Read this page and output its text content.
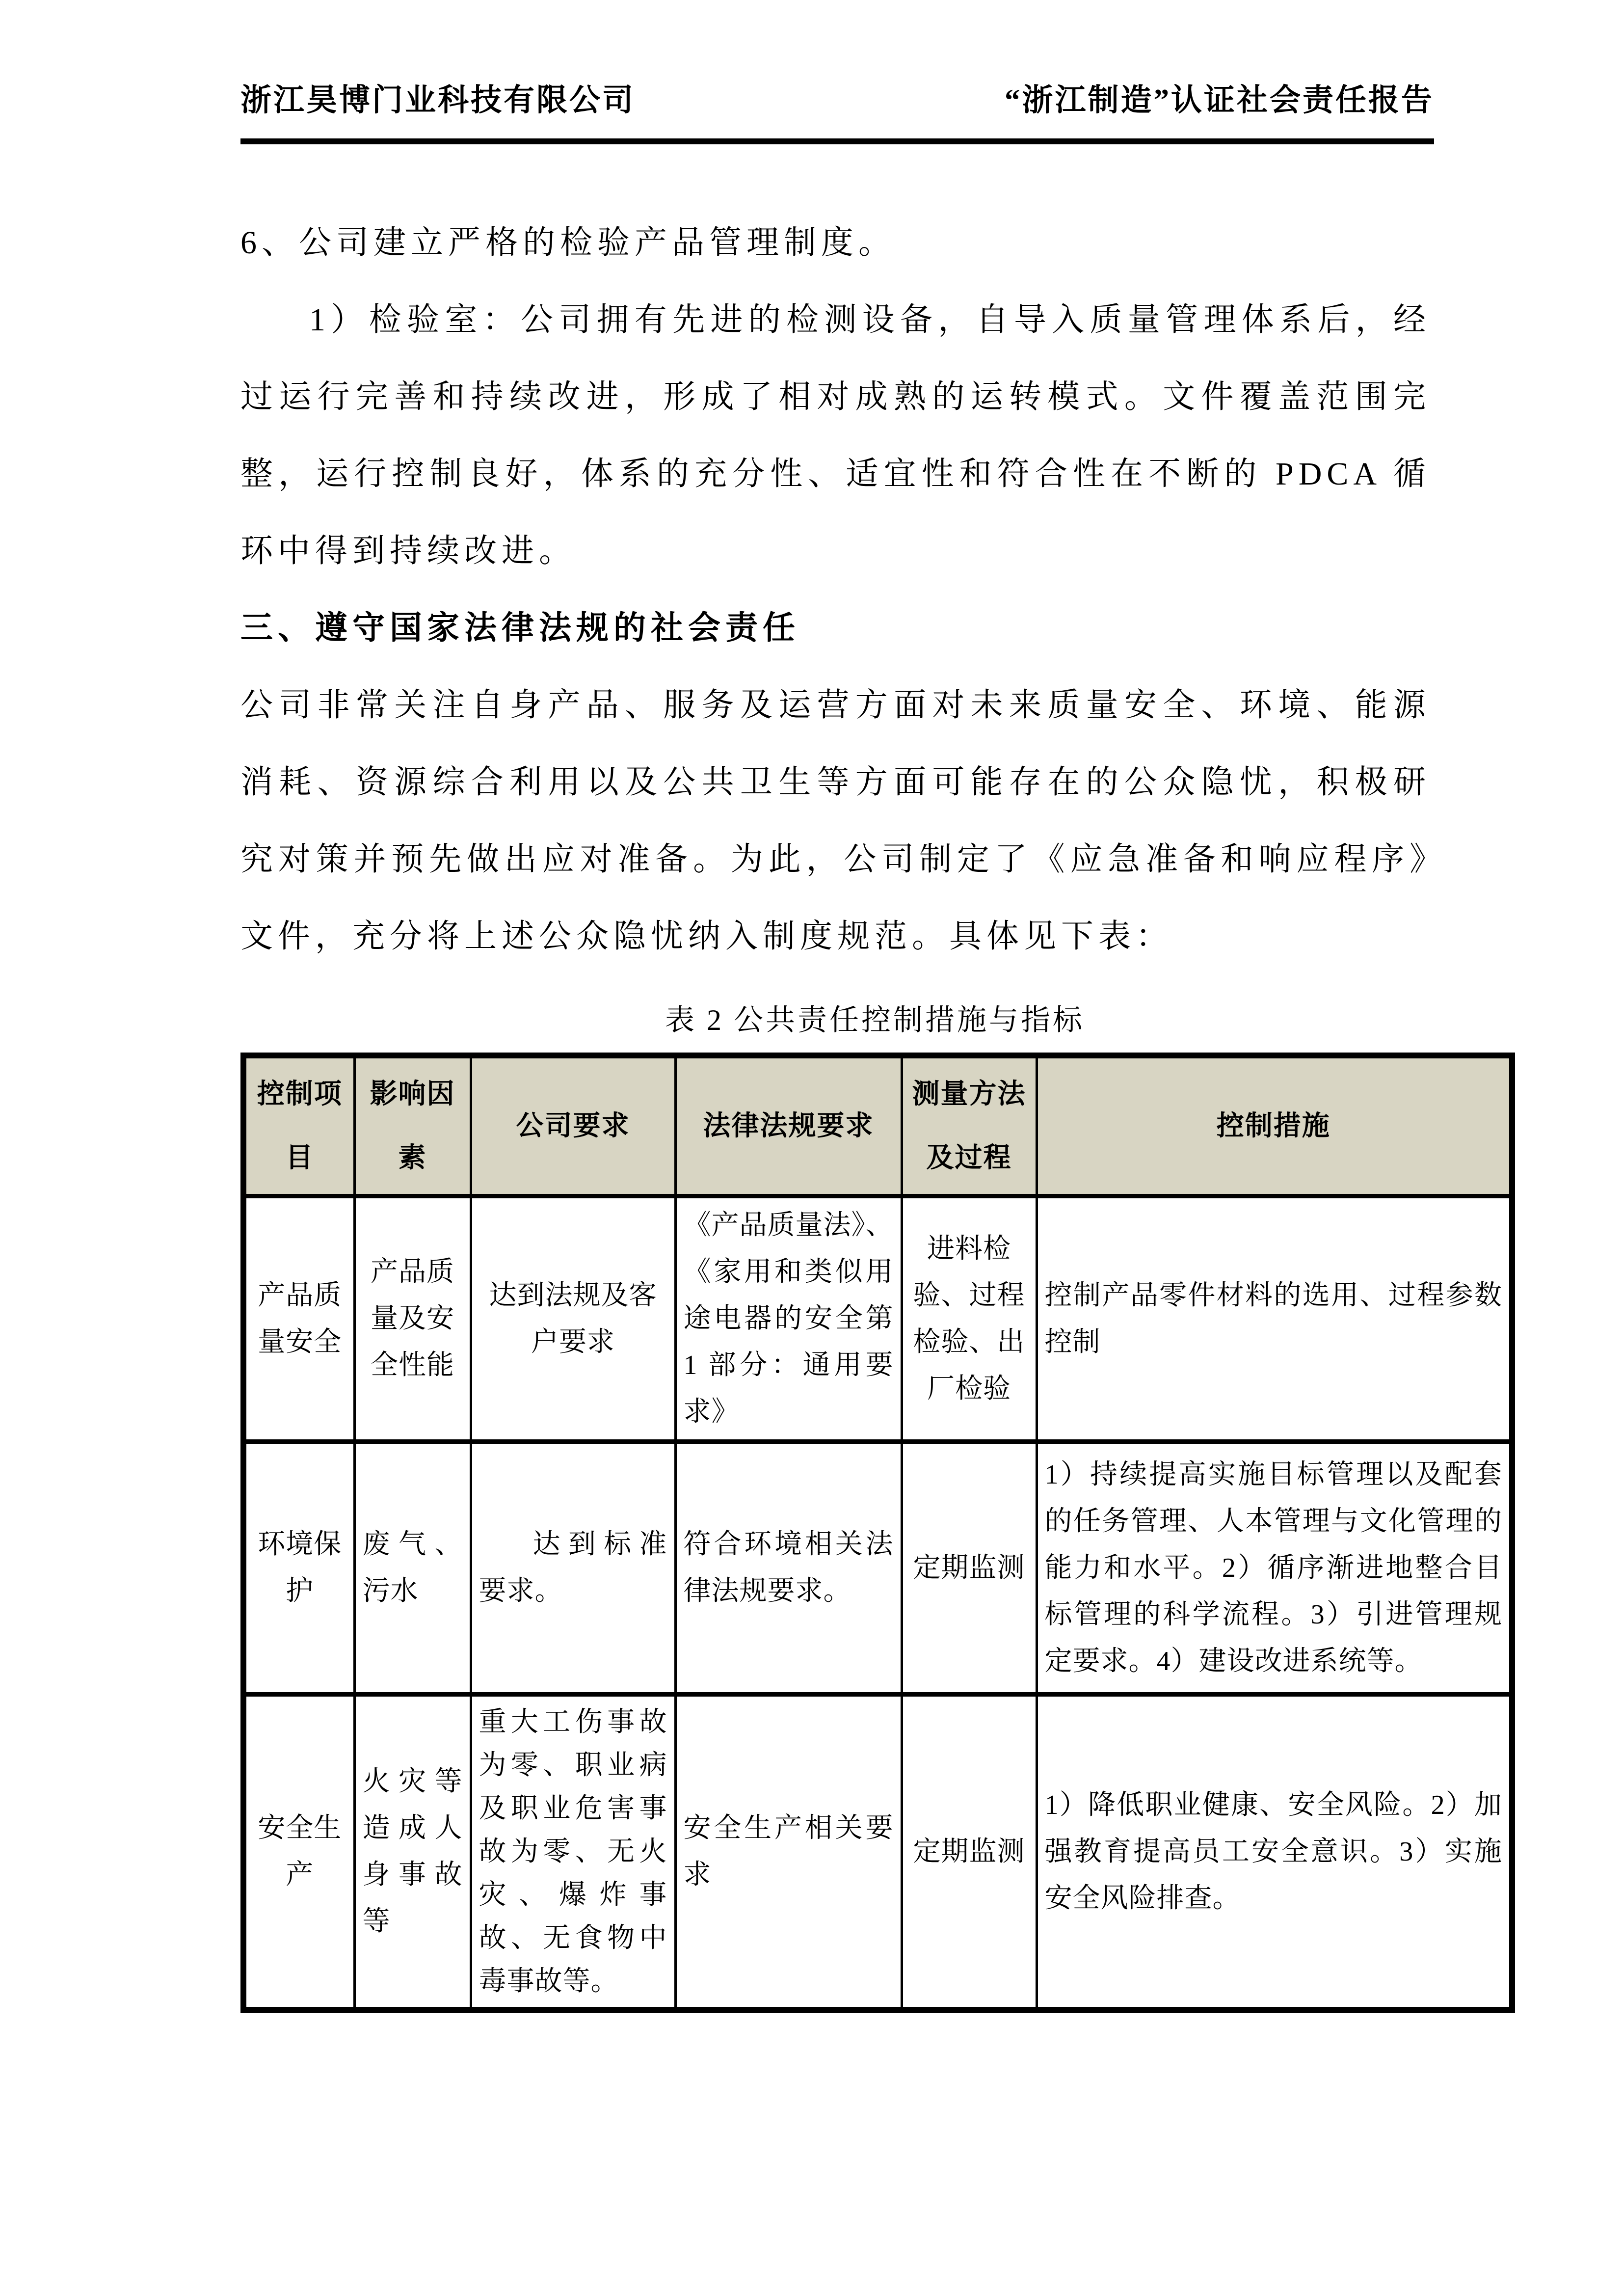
浙江昊博门业科技有限公司	“浙江制造”认证社会责任报告

6、公司建立严格的检验产品管理制度。

1）检验室：公司拥有先进的检测设备，自导入质量管理体系后，经过运行完善和持续改进，形成了相对成熟的运转模式。文件覆盖范围完整，运行控制良好，体系的充分性、适宜性和符合性在不断的 PDCA 循环中得到持续改进。

三、遵守国家法律法规的社会责任

公司非常关注自身产品、服务及运营方面对未来质量安全、环境、能源消耗、资源综合利用以及公共卫生等方面可能存在的公众隐忧，积极研究对策并预先做出应对准备。为此，公司制定了《应急准备和响应程序》文件，充分将上述公众隐忧纳入制度规范。具体见下表：

表 2 公共责任控制措施与指标
控制项目	影响因素	公司要求	法律法规要求	测量方法及过程	控制措施
产品质量安全	产品质量及安全性能	达到法规及客户要求	《产品质量法》、《家用和类似用途电器的安全第 1 部分：通用要求》	进料检验、过程检验、出厂检验	控制产品零件材料的选用、过程参数控制
环境保护	废气、污水	达到标准要求。	符合环境相关法律法规要求。	定期监测	1）持续提高实施目标管理以及配套的任务管理、人本管理与文化管理的能力和水平。2）循序渐进地整合目标管理的科学流程。3）引进管理规定要求。4）建设改进系统等。
安全生产	火灾等造成人身事故等	重大工伤事故为零、职业病及职业危害事故为零、无火灾、爆炸事故、无食物中毒事故等。	安全生产相关要求	定期监测	1）降低职业健康、安全风险。2）加强教育提高员工安全意识。3）实施安全风险排查。
